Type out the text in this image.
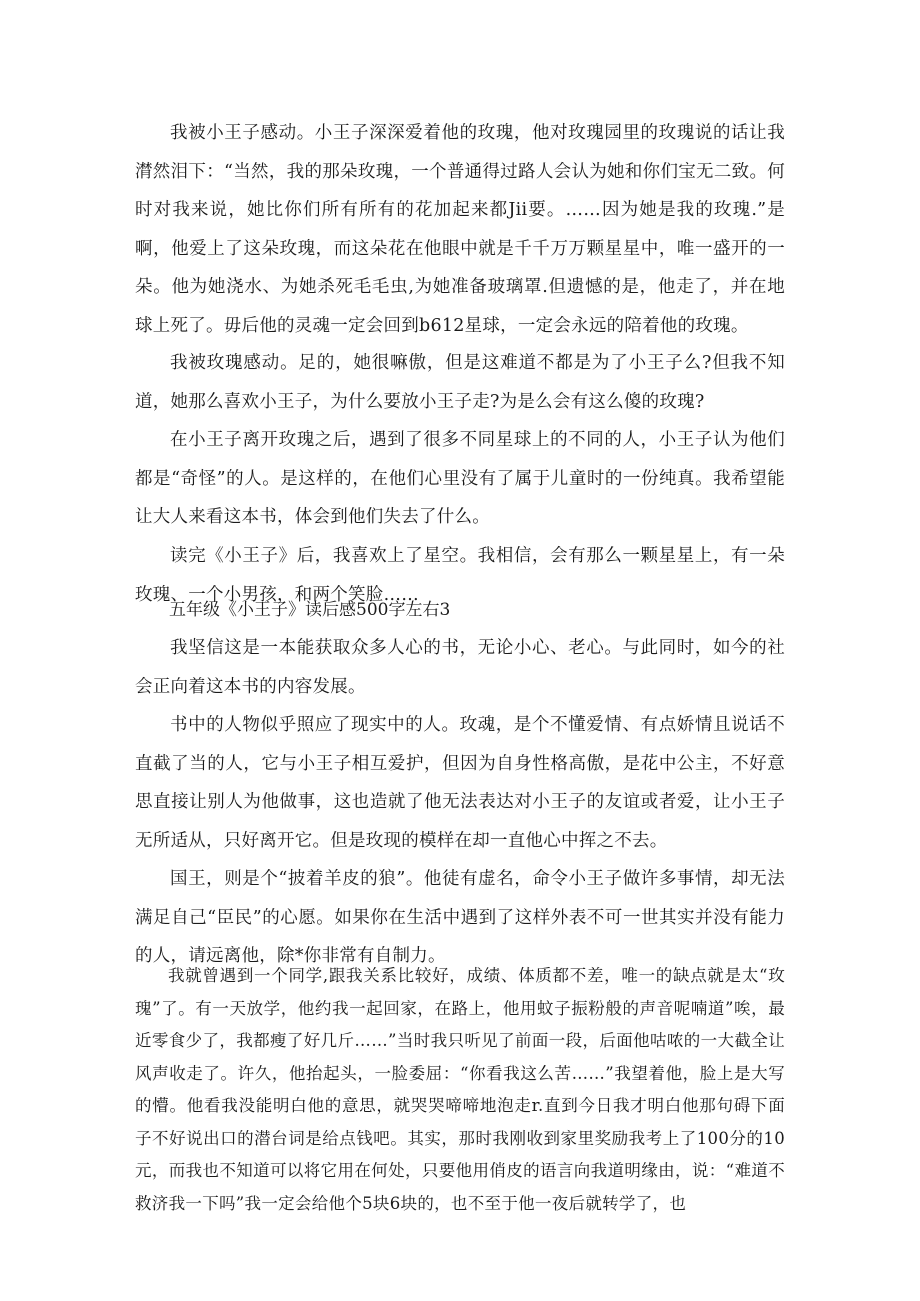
我被小王子感动。小王子深深爱着他的玫瑰，他对玫瑰园里的玫瑰说的话让我潸然泪下：“当然，我的那朵玫瑰，一个普通得过路人会认为她和你们宝无二致。何时对我来说，她比你们所有所有的花加起来都Jii要。……因为她是我的玫瑰.”是啊，他爱上了这朵玫瑰，而这朵花在他眼中就是千千万万颗星星中，唯一盛开的一朵。他为她浇水、为她杀死毛毛虫,为她准备玻璃罩.但遗憾的是，他走了，并在地球上死了。毋后他的灵魂一定会回到b612星球，一定会永远的陪着他的玫瑰。

我被玫瑰感动。足的，她很嘛傲，但是这难道不都是为了小王子么?但我不知道，她那么喜欢小王子，为什么要放小王子走?为是么会有这么傻的玫瑰?

在小王子离开玫瑰之后，遇到了很多不同星球上的不同的人，小王子认为他们都是“奇怪”的人。是这样的，在他们心里没有了属于儿童时的一份纯真。我希望能让大人来看这本书，体会到他们失去了什么。

读完《小王子》后，我喜欢上了星空。我相信，会有那么一颗星星上，有一朵玫瑰、一个小男孩，和两个笑脸……

五年级《小王子》读后感500字左右3

我坚信这是一本能获取众多人心的书，无论小心、老心。与此同时，如今的社会正向着这本书的内容发展。

书中的人物似乎照应了现实中的人。玫魂，是个不懂爱情、有点娇情且说话不直截了当的人，它与小王子相互爱护，但因为自身性格高傲，是花中公主，不好意思直接让别人为他做事，这也造就了他无法表达对小王子的友谊或者爱，让小王子无所适从，只好离开它。但是玫现的模样在却一直他心中挥之不去。

国王，则是个“披着羊皮的狼”。他徒有虚名，命令小王子做许多事情，却无法满足自己“臣民”的心愿。如果你在生活中遇到了这样外表不可一世其实并没有能力的人，请远离他，除*你非常有自制力。

我就曾遇到一个同学,跟我关系比较好，成绩、体质都不差，唯一的缺点就是太“玫瑰”了。有一天放学，他约我一起回家，在路上，他用蚊子振粉般的声音呢喃道”唉，最近零食少了，我都瘦了好几斤……”当时我只听见了前面一段，后面他咕哝的一大截全让风声收走了。许久，他抬起头，一脸委屈：“你看我这么苦……”我望着他，脸上是大写的懵。他看我没能明白他的意思，就哭哭啼啼地泡走r.直到今日我才明白他那句碍下面子不好说出口的潜台词是给点钱吧。其实，那时我刚收到家里奖励我考上了100分的10元，而我也不知道可以将它用在何处，只要他用俏皮的语言向我道明缘由，说：“难道不救济我一下吗”我一定会给他个5块6块的，也不至于他一夜后就转学了，也
